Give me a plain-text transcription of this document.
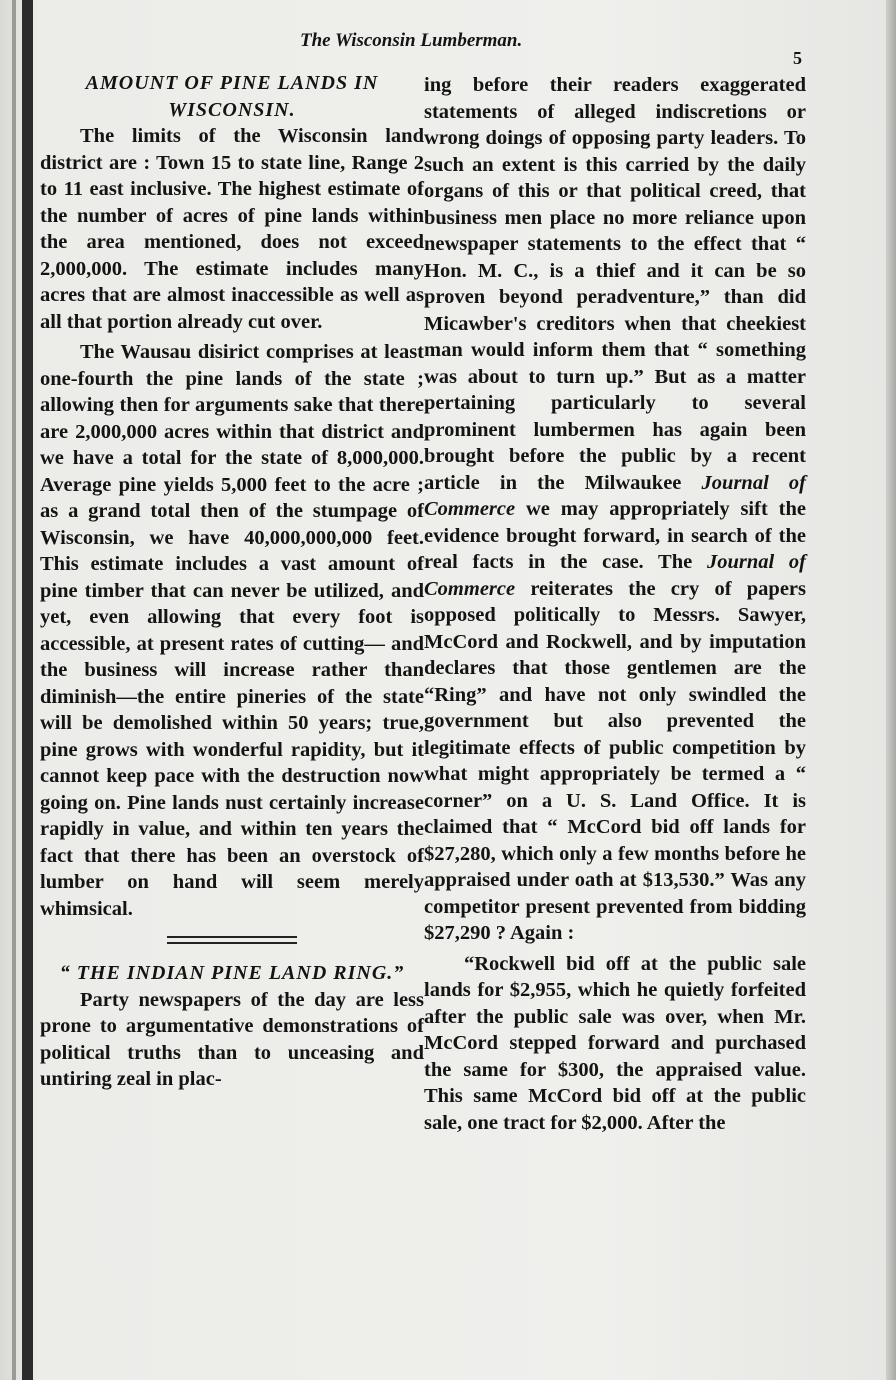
The Wisconsin Lumberman.
5
AMOUNT OF PINE LANDS IN WISCONSIN.

The limits of the Wisconsin land district are : Town 15 to state line, Range 2 to 11 east inclusive. The highest estimate of the number of acres of pine lands within the area mentioned, does not exceed 2,000,000. The estimate includes many acres that are almost inaccessible as well as all that portion already cut over.

The Wausau disirict comprises at least one-fourth the pine lands of the state ; allowing then for arguments sake that there are 2,000,000 acres within that district and we have a total for the state of 8,000,000. Average pine yields 5,000 feet to the acre ; as a grand total then of the stumpage of Wisconsin, we have 40,000,000,000 feet. This estimate includes a vast amount of pine timber that can never be utilized, and yet, even allowing that every foot is accessible, at present rates of cutting— and the business will increase rather than diminish—the entire pineries of the state will be demolished within 50 years; true, pine grows with wonderful rapidity, but it cannot keep pace with the destruction now going on. Pine lands nust certainly increase rapidly in value, and within ten years the fact that there has been an overstock of lumber on hand will seem merely whimsical.

“ THE INDIAN PINE LAND RING.”

Party newspapers of the day are less prone to argumentative demonstrations of political truths than to unceasing and untiring zeal in plac-

ing before their readers exaggerated statements of alleged indiscretions or wrong doings of opposing party leaders. To such an extent is this carried by the daily organs of this or that political creed, that business men place no more reliance upon newspaper statements to the effect that “ Hon. M. C., is a thief and it can be so proven beyond peradventure,” than did Micawber's creditors when that cheekiest man would inform them that “ something was about to turn up.” But as a matter pertaining particularly to several prominent lumbermen has again been brought before the public by a recent article in the Milwaukee Journal of Commerce we may appropriately sift the evidence brought forward, in search of the real facts in the case. The Journal of Commerce reiterates the cry of papers opposed politically to Messrs. Sawyer, McCord and Rockwell, and by imputation declares that those gentlemen are the “Ring” and have not only swindled the government but also prevented the legitimate effects of public competition by what might appropriately be termed a “ corner” on a U. S. Land Office. It is claimed that “ McCord bid off lands for $27,280, which only a few months before he appraised under oath at $13,530.” Was any competitor present prevented from bidding $27,290 ? Again :

“Rockwell bid off at the public sale lands for $2,955, which he quietly forfeited after the public sale was over, when Mr. McCord stepped forward and purchased the same for $300, the appraised value. This same McCord bid off at the public sale, one tract for $2,000. After the
